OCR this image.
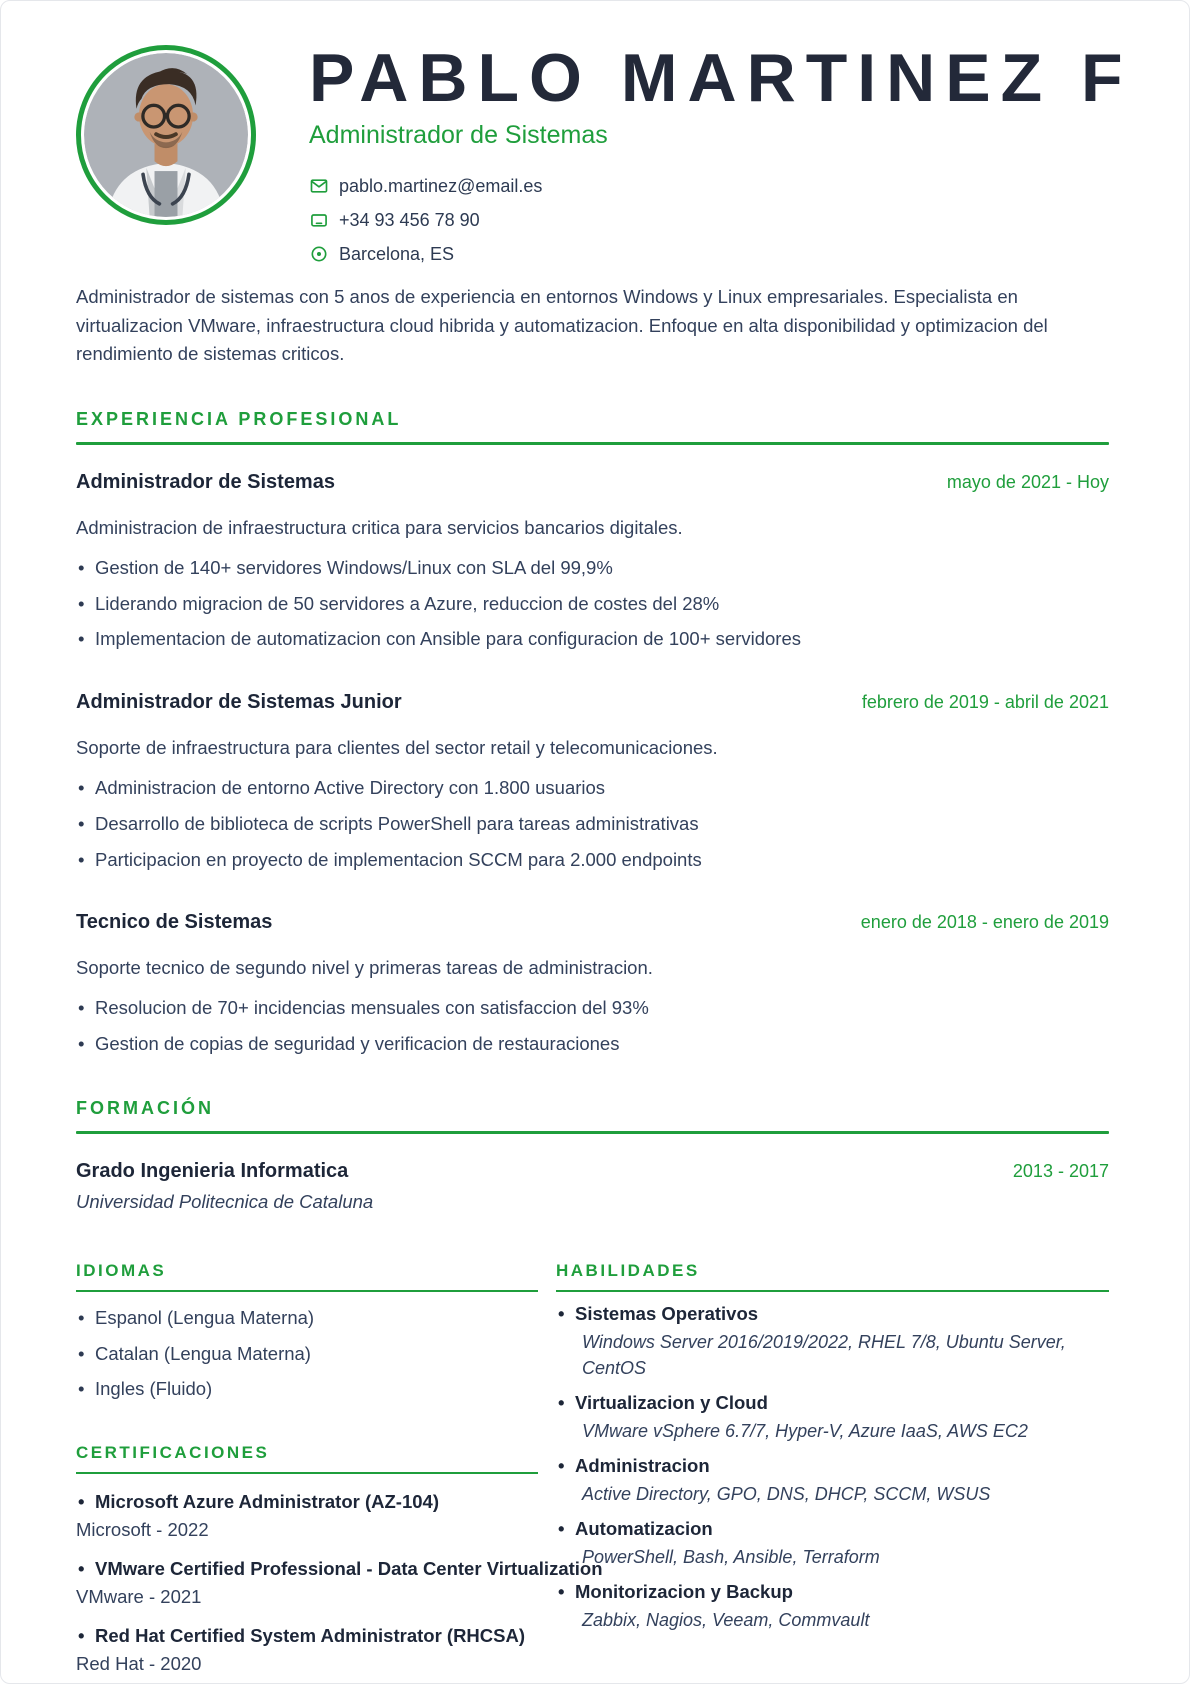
PABLO MARTINEZ F
Administrador de Sistemas
pablo.martinez@email.es
+34 93 456 78 90
Barcelona, ES

Administrador de sistemas con 5 anos de experiencia en entornos Windows y Linux empresariales. Especialista en virtualizacion VMware, infraestructura cloud hibrida y automatizacion. Enfoque en alta disponibilidad y optimizacion del rendimiento de sistemas criticos.

EXPERIENCIA PROFESIONAL
Administrador de Sistemas	mayo de 2021 - Hoy

Administracion de infraestructura critica para servicios bancarios digitales.

• Gestion de 140+ servidores Windows/Linux con SLA del 99,9%
• Liderando migracion de 50 servidores a Azure, reduccion de costes del 28%
• Implementacion de automatizacion con Ansible para configuracion de 100+ servidores
Administrador de Sistemas Junior	febrero de 2019 - abril de 2021

Soporte de infraestructura para clientes del sector retail y telecomunicaciones.

• Administracion de entorno Active Directory con 1.800 usuarios
• Desarrollo de biblioteca de scripts PowerShell para tareas administrativas
• Participacion en proyecto de implementacion SCCM para 2.000 endpoints
Tecnico de Sistemas	enero de 2018 - enero de 2019

Soporte tecnico de segundo nivel y primeras tareas de administracion.

• Resolucion de 70+ incidencias mensuales con satisfaccion del 93%
• Gestion de copias de seguridad y verificacion de restauraciones
FORMACIÓN
Grado Ingenieria Informatica	2013 - 2017
Universidad Politecnica de Cataluna
IDIOMAS
• Espanol (Lengua Materna)
• Catalan (Lengua Materna)
• Ingles (Fluido)
CERTIFICACIONES
• Microsoft Azure Administrator (AZ-104)
Microsoft - 2022
• VMware Certified Professional - Data Center Virtualization
VMware - 2021
• Red Hat Certified System Administrator (RHCSA)
Red Hat - 2020
HABILIDADES
• Sistemas Operativos
Windows Server 2016/2019/2022, RHEL 7/8, Ubuntu Server, CentOS
• Virtualizacion y Cloud
VMware vSphere 6.7/7, Hyper-V, Azure IaaS, AWS EC2
• Administracion
Active Directory, GPO, DNS, DHCP, SCCM, WSUS
• Automatizacion
PowerShell, Bash, Ansible, Terraform
• Monitorizacion y Backup
Zabbix, Nagios, Veeam, Commvault
